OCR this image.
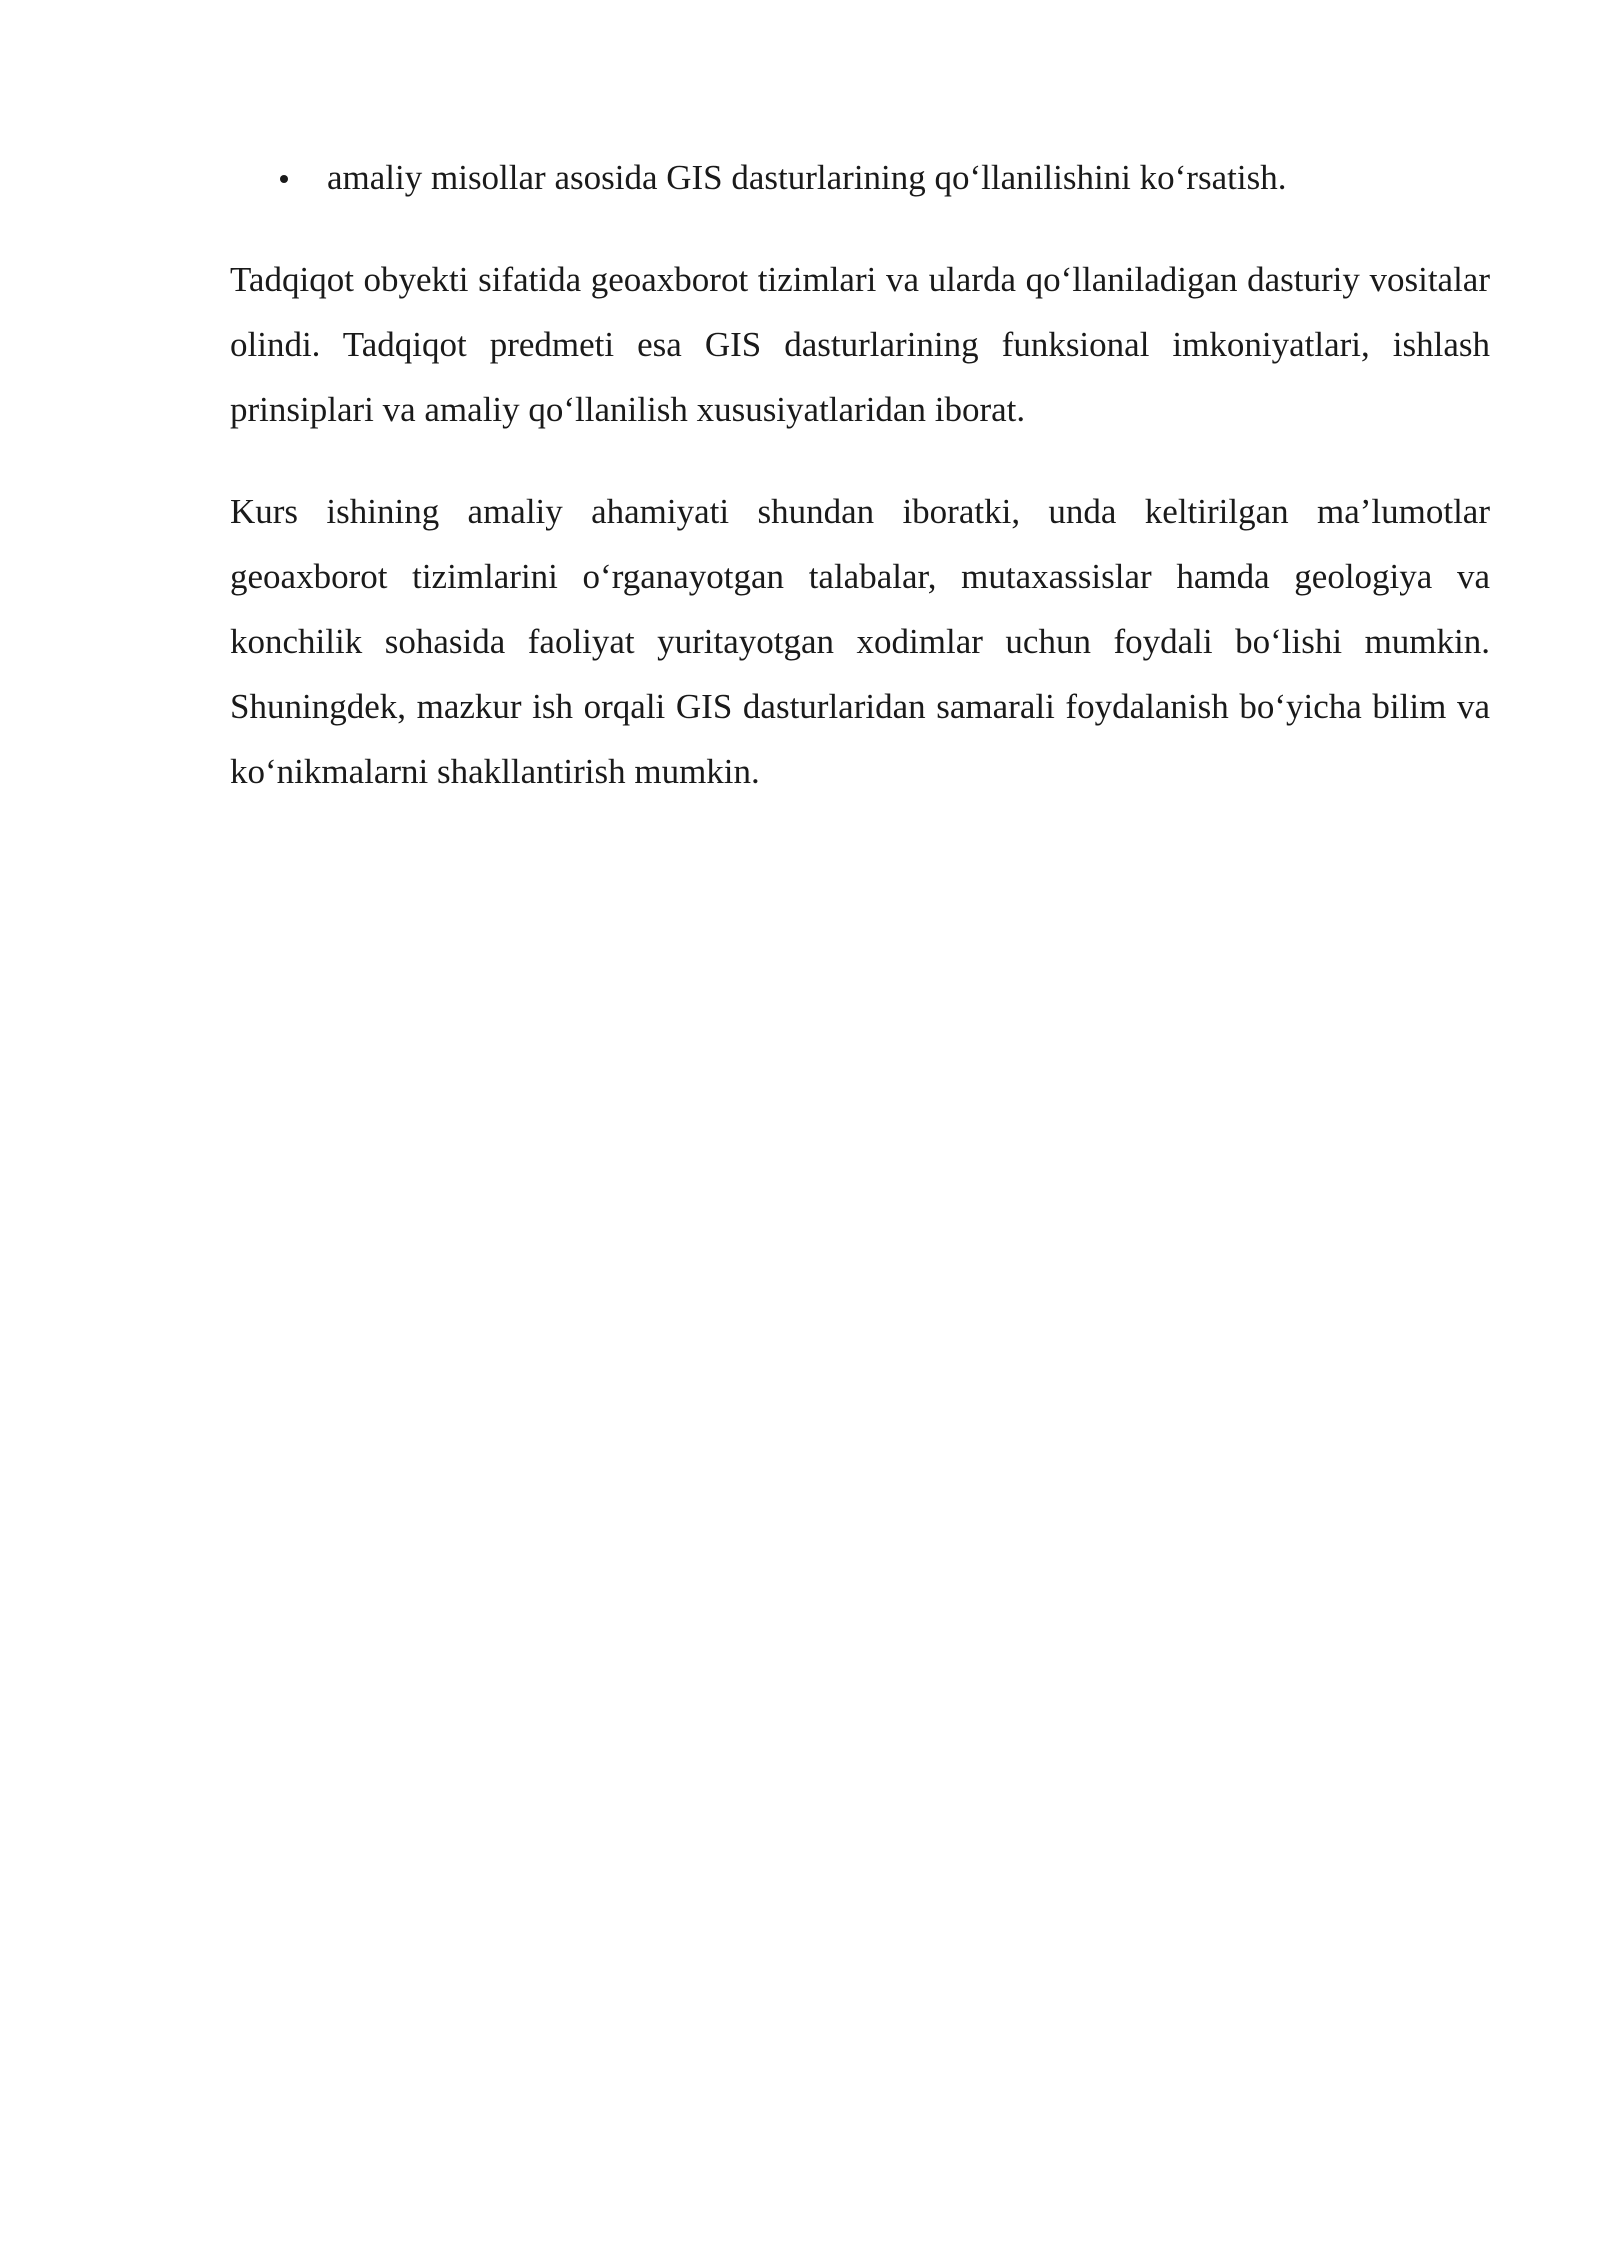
amaliy misollar asosida GIS dasturlarining qo‘llanilishini ko‘rsatish.

Tadqiqot obyekti sifatida geoaxborot tizimlari va ularda qo‘llaniladigan dasturiy vositalar olindi. Tadqiqot predmeti esa GIS dasturlarining funksional imkoniyatlari, ishlash prinsiplari va amaliy qo‘llanilish xususiyatlaridan iborat.

Kurs ishining amaliy ahamiyati shundan iboratki, unda keltirilgan ma’lumotlar geoaxborot tizimlarini o‘rganayotgan talabalar, mutaxassislar hamda geologiya va konchilik sohasida faoliyat yuritayotgan xodimlar uchun foydali bo‘lishi mumkin. Shuningdek, mazkur ish orqali GIS dasturlaridan samarali foydalanish bo‘yicha bilim va ko‘nikmalarni shakllantirish mumkin.
